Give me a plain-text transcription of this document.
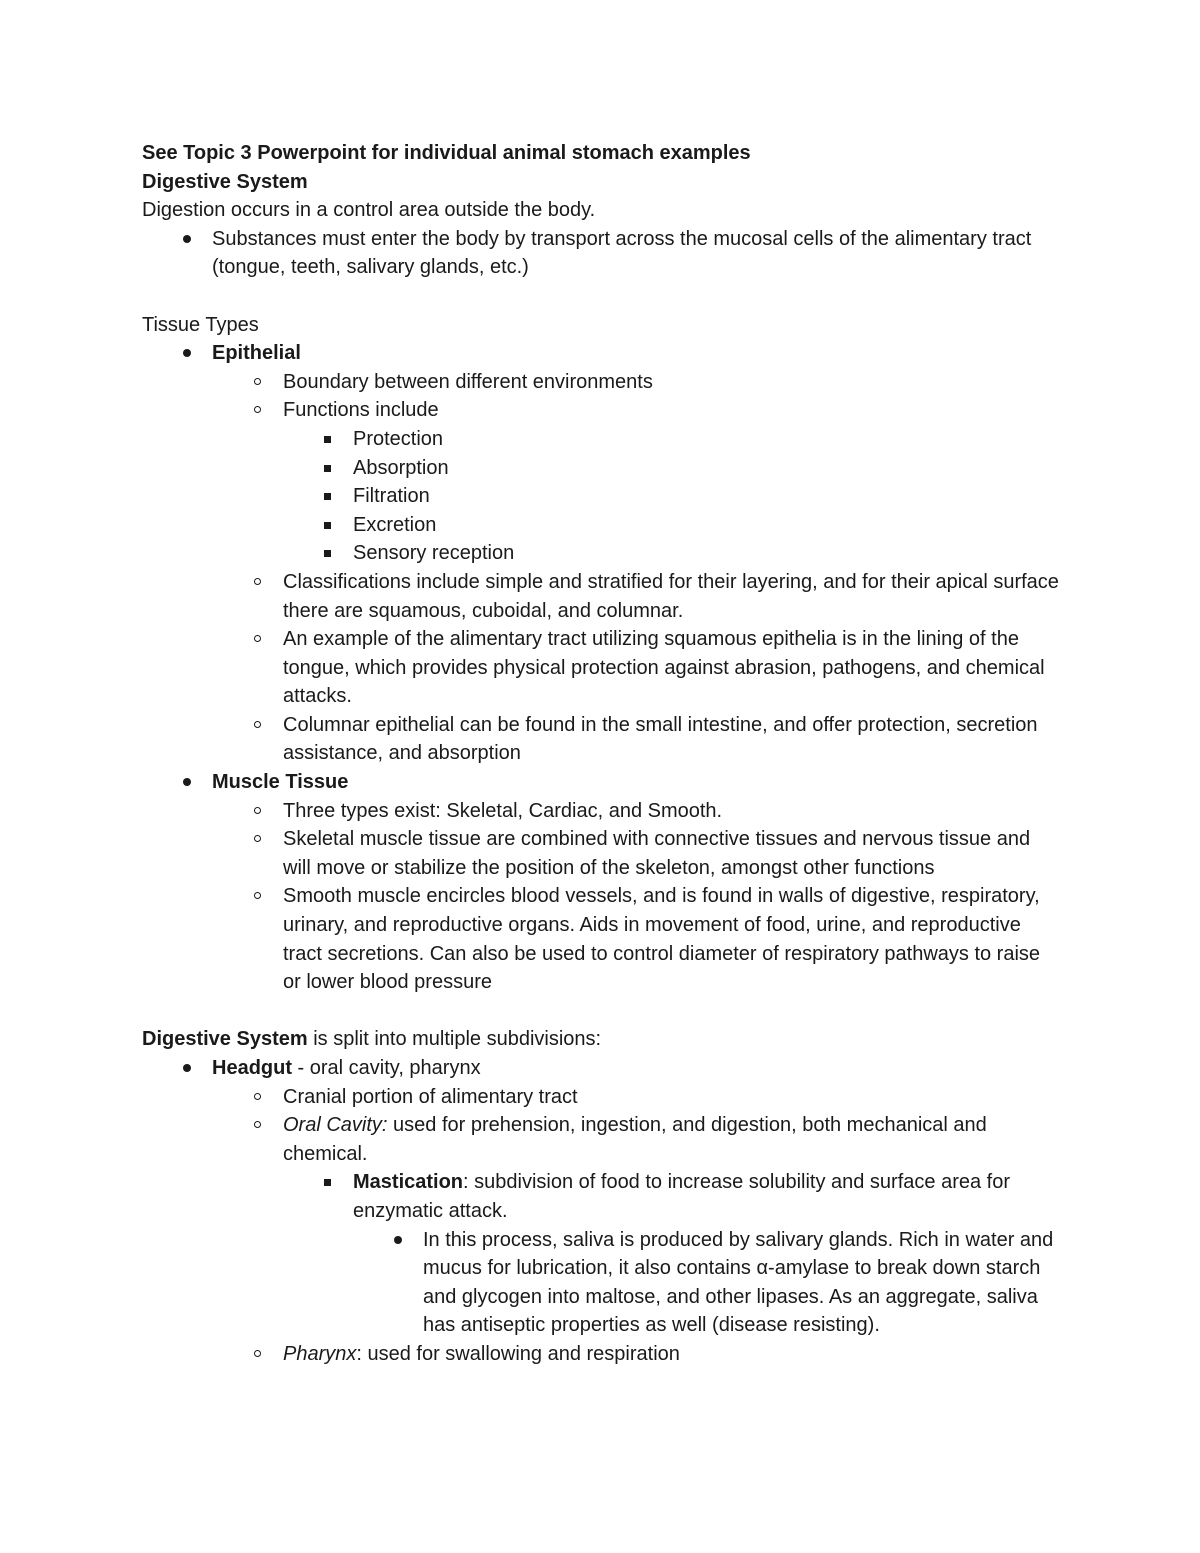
See Topic 3 Powerpoint for individual animal stomach examples

Digestive System

Digestion occurs in a control area outside the body.

Substances must enter the body by transport across the mucosal cells of the alimentary tract (tongue, teeth, salivary glands, etc.)

Tissue Types

Epithelial
Boundary between different environments
Functions include
Protection
Absorption
Filtration
Excretion
Sensory reception
Classifications include simple and stratified for their layering, and for their apical surface there are squamous, cuboidal, and columnar.
An example of the alimentary tract utilizing squamous epithelia is in the lining of the tongue, which provides physical protection against abrasion, pathogens, and chemical attacks.
Columnar epithelial can be found in the small intestine, and offer protection, secretion assistance, and absorption
Muscle Tissue
Three types exist: Skeletal, Cardiac, and Smooth.
Skeletal muscle tissue are combined with connective tissues and nervous tissue and will move or stabilize the position of the skeleton, amongst other functions
Smooth muscle encircles blood vessels, and is found in walls of digestive, respiratory, urinary, and reproductive organs. Aids in movement of food, urine, and reproductive tract secretions. Can also be used to control diameter of respiratory pathways to raise or lower blood pressure

Digestive System is split into multiple subdivisions:

Headgut - oral cavity, pharynx
Cranial portion of alimentary tract
Oral Cavity: used for prehension, ingestion, and digestion, both mechanical and chemical.
Mastication: subdivision of food to increase solubility and surface area for enzymatic attack.
In this process, saliva is produced by salivary glands. Rich in water and mucus for lubrication, it also contains α-amylase to break down starch and glycogen into maltose, and other lipases. As an aggregate, saliva has antiseptic properties as well (disease resisting).
Pharynx: used for swallowing and respiration
